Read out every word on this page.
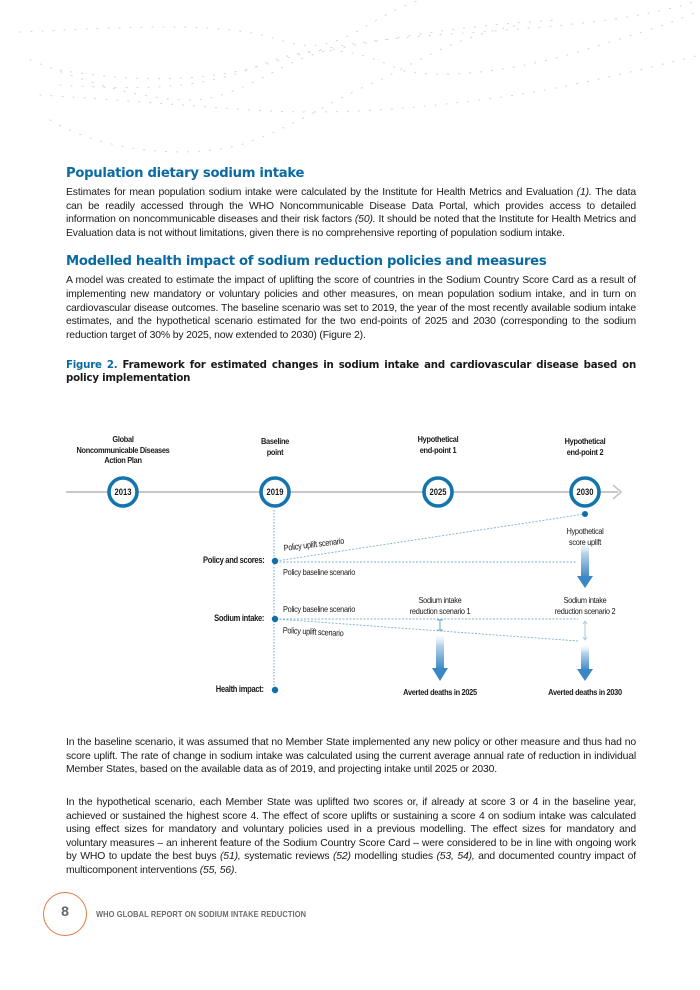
Population dietary sodium intake

Estimates for mean population sodium intake were calculated by the Institute for Health Metrics and Evaluation (1). The data can be readily accessed through the WHO Noncommunicable Disease Data Portal, which provides access to detailed information on noncommunicable diseases and their risk factors (50). It should be noted that the Institute for Health Metrics and Evaluation data is not without limitations, given there is no comprehensive reporting of population sodium intake.

Modelled health impact of sodium reduction policies and measures

A model was created to estimate the impact of uplifting the score of countries in the Sodium Country Score Card as a result of implementing new mandatory or voluntary policies and other measures, on mean population sodium intake, and in turn on cardiovascular disease outcomes. The baseline scenario was set to 2019, the year of the most recently available sodium intake estimates, and the hypothetical scenario estimated for the two end-points of 2025 and 2030 (corresponding to the sodium reduction target of 30% by 2025, now extended to 2030) (Figure 2).

Figure 2. Framework for estimated changes in sodium intake and cardiovascular disease based on policy implementation

Global
Noncommunicable Diseases
Action Plan
Baseline
point
Hypothetical
end-point 1
Hypothetical
end-point 2
2013	2019	2025	2030
Policy and scores:
Sodium intake:
Health impact:
Policy uplift scenario
Policy baseline scenario
Policy baseline scenario
Policy uplift scenario
Hypothetical
score uplift
Sodium intake
reduction scenario 1
Sodium intake
reduction scenario 2
Averted deaths in 2025	Averted deaths in 2030

In the baseline scenario, it was assumed that no Member State implemented any new policy or other measure and thus had no score uplift. The rate of change in sodium intake was calculated using the current average annual rate of reduction in individual Member States, based on the available data as of 2019, and projecting intake until 2025 or 2030.

In the hypothetical scenario, each Member State was uplifted two scores or, if already at score 3 or 4 in the baseline year, achieved or sustained the highest score 4. The effect of score uplifts or sustaining a score 4 on sodium intake was calculated using effect sizes for mandatory and voluntary policies used in a previous modelling. The effect sizes for mandatory and voluntary measures – an inherent feature of the Sodium Country Score Card – were considered to be in line with ongoing work by WHO to update the best buys (51), systematic reviews (52) modelling studies (53, 54), and documented country impact of multicomponent interventions (55, 56).

8	WHO GLOBAL REPORT ON SODIUM INTAKE REDUCTION
